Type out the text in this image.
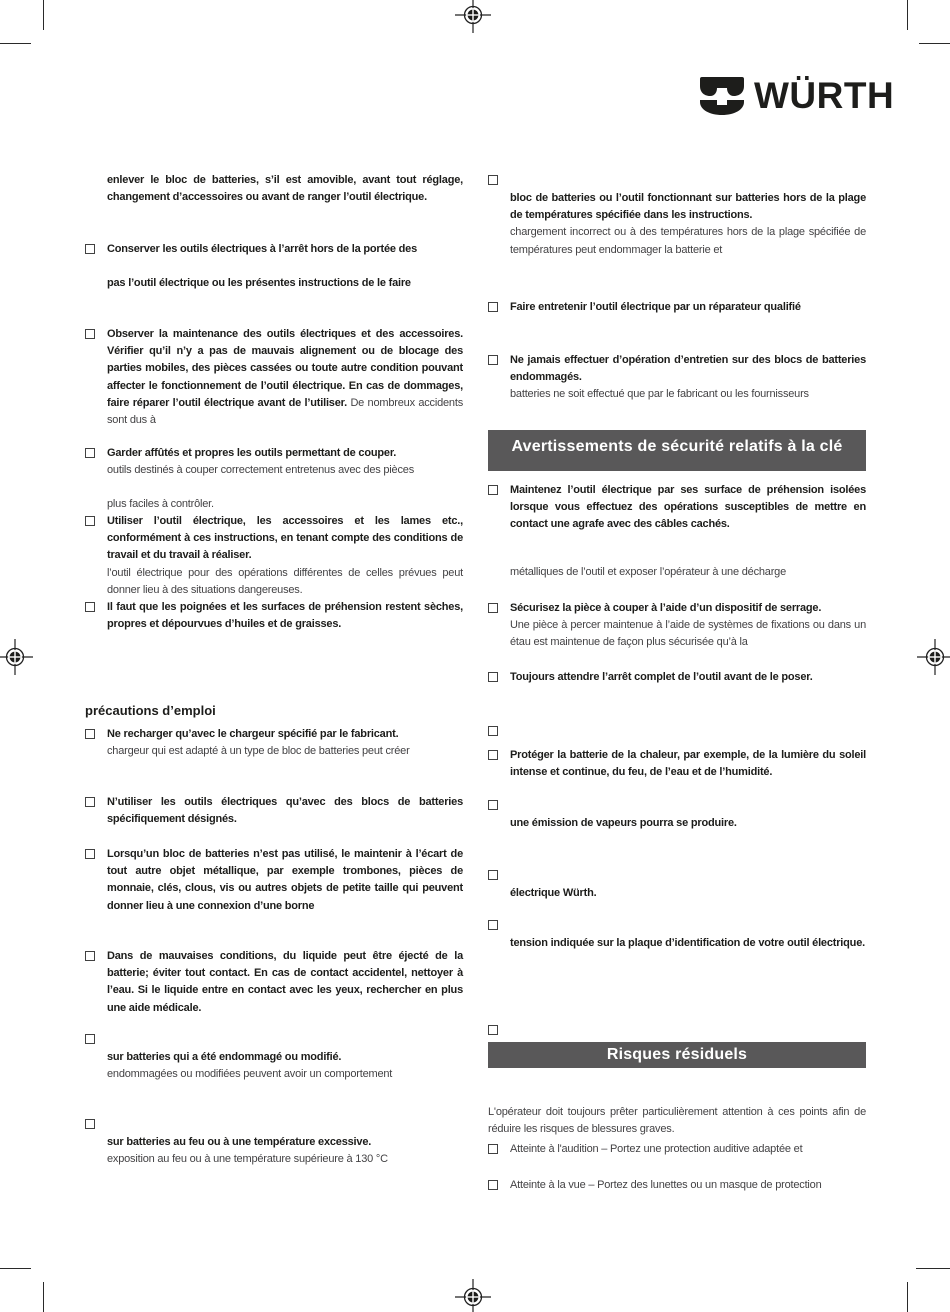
WÜRTH

enlever le bloc de batteries, s’il est amovible, avant tout réglage, changement d’accessoires ou avant de ranger l’outil électrique.

Conserver les outils électriques à l’arrêt hors de la portée des

pas l’outil électrique ou les présentes instructions de le faire

Observer la maintenance des outils électriques et des accessoires. Vérifier qu’il n’y a pas de mauvais alignement ou de blocage des parties mobiles, des pièces cassées ou toute autre condition pouvant affecter le fonctionnement de l’outil électrique. En cas de dommages, faire réparer l’outil électrique avant de l’utiliser. De nombreux accidents sont dus à

Garder affûtés et propres les outils permettant de couper.

outils destinés à couper correctement entretenus avec des pièces

plus faciles à contrôler.

Utiliser l’outil électrique, les accessoires et les lames etc., conformément à ces instructions, en tenant compte des conditions de travail et du travail à réaliser.

l’outil électrique pour des opérations différentes de celles prévues peut donner lieu à des situations dangereuses.

Il faut que les poignées et les surfaces de préhension restent sèches, propres et dépourvues d’huiles et de graisses.

précautions d’emploi

Ne recharger qu’avec le chargeur spécifié par le fabricant.

chargeur qui est adapté à un type de bloc de batteries peut créer

N’utiliser les outils électriques qu’avec des blocs de batteries spécifiquement désignés.

Lorsqu’un bloc de batteries n’est pas utilisé, le maintenir à l’écart de tout autre objet métallique, par exemple trombones, pièces de monnaie, clés, clous, vis ou autres objets de petite taille qui peuvent donner lieu à une connexion d’une borne

Dans de mauvaises conditions, du liquide peut être éjecté de la batterie; éviter tout contact. En cas de contact accidentel, nettoyer à l’eau. Si le liquide entre en contact avec les yeux, rechercher en plus une aide médicale.

sur batteries qui a été endommagé ou modifié.

endommagées ou modifiées peuvent avoir un comportement

sur batteries au feu ou à une température excessive.

exposition au feu ou à une température supérieure à 130 °C

bloc de batteries ou l’outil fonctionnant sur batteries hors de la plage de températures spécifiée dans les instructions.

chargement incorrect ou à des températures hors de la plage spécifiée de températures peut endommager la batterie et

Faire entretenir l’outil électrique par un réparateur qualifié

Ne jamais effectuer d’opération d’entretien sur des blocs de batteries endommagés.

batteries ne soit effectué que par le fabricant ou les fournisseurs

Avertissements de sécurité relatifs à la clé

Maintenez l’outil électrique par ses surface de préhension isolées lorsque vous effectuez des opérations susceptibles de mettre en contact une agrafe avec des câbles cachés.

métalliques de l’outil et exposer l’opérateur à une décharge

Sécurisez la pièce à couper à l’aide d’un dispositif de serrage.

Une pièce à percer maintenue à l’aide de systèmes de fixations ou dans un étau est maintenue de façon plus sécurisée qu’à la

Toujours attendre l’arrêt complet de l’outil avant de le poser.

Protéger la batterie de la chaleur, par exemple, de la lumière du soleil intense et continue, du feu, de l’eau et de l’humidité.

une émission de vapeurs pourra se produire.

électrique Würth.

tension indiquée sur la plaque d’identification de votre outil électrique.

Risques résiduels

L'opérateur doit toujours prêter particulièrement attention à ces points afin de réduire les risques de blessures graves.

Atteinte à l'audition – Portez une protection auditive adaptée et

Atteinte à la vue – Portez des lunettes ou un masque de protection
